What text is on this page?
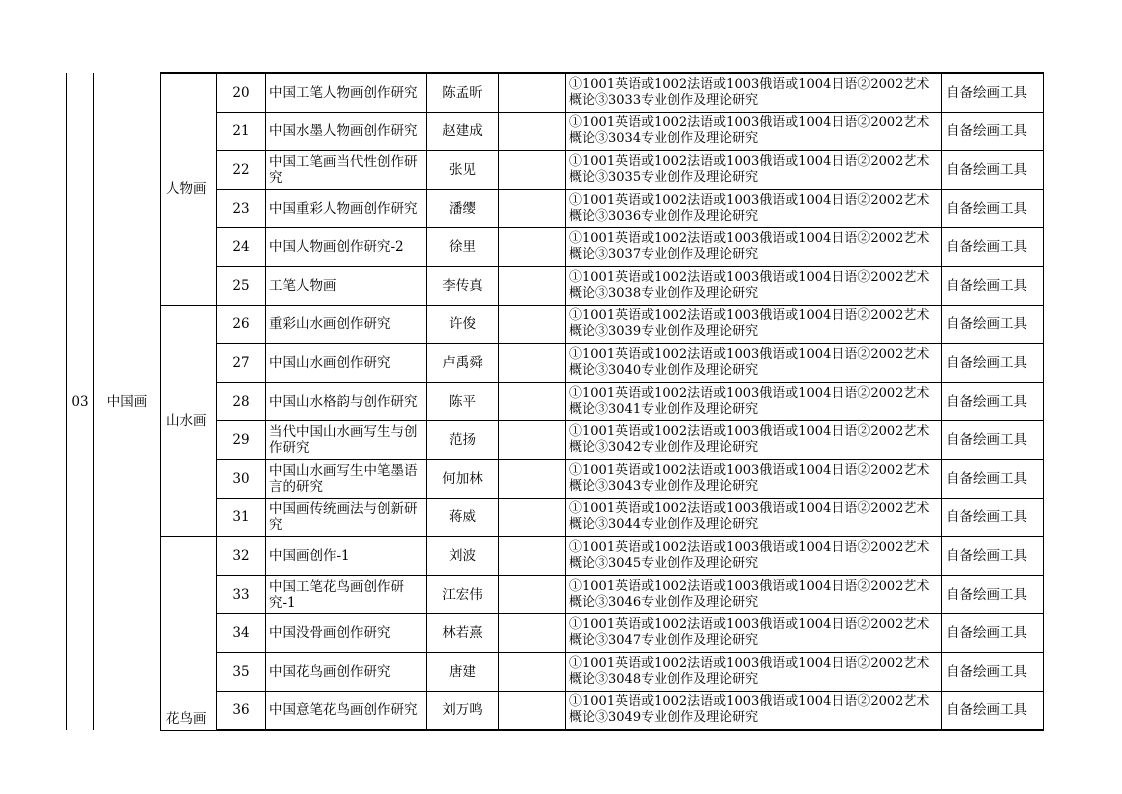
03	中国画	人物画	20	中国工笔人物画创作研究	陈孟昕		①1001英语或1002法语或1003俄语或1004日语②2002艺术概论③3033专业创作及理论研究	自备绘画工具
			21	中国水墨人物画创作研究	赵建成		①1001英语或1002法语或1003俄语或1004日语②2002艺术概论③3034专业创作及理论研究	自备绘画工具
			22	中国工笔画当代性创作研究	张见		①1001英语或1002法语或1003俄语或1004日语②2002艺术概论③3035专业创作及理论研究	自备绘画工具
			23	中国重彩人物画创作研究	潘缨		①1001英语或1002法语或1003俄语或1004日语②2002艺术概论③3036专业创作及理论研究	自备绘画工具
			24	中国人物画创作研究-2	徐里		①1001英语或1002法语或1003俄语或1004日语②2002艺术概论③3037专业创作及理论研究	自备绘画工具
			25	工笔人物画	李传真		①1001英语或1002法语或1003俄语或1004日语②2002艺术概论③3038专业创作及理论研究	自备绘画工具
		山水画	26	重彩山水画创作研究	许俊		①1001英语或1002法语或1003俄语或1004日语②2002艺术概论③3039专业创作及理论研究	自备绘画工具
			27	中国山水画创作研究	卢禹舜		①1001英语或1002法语或1003俄语或1004日语②2002艺术概论③3040专业创作及理论研究	自备绘画工具
			28	中国山水格韵与创作研究	陈平		①1001英语或1002法语或1003俄语或1004日语②2002艺术概论③3041专业创作及理论研究	自备绘画工具
			29	当代中国山水画写生与创作研究	范扬		①1001英语或1002法语或1003俄语或1004日语②2002艺术概论③3042专业创作及理论研究	自备绘画工具
			30	中国山水画写生中笔墨语言的研究	何加林		①1001英语或1002法语或1003俄语或1004日语②2002艺术概论③3043专业创作及理论研究	自备绘画工具
			31	中国画传统画法与创新研究	蒋威		①1001英语或1002法语或1003俄语或1004日语②2002艺术概论③3044专业创作及理论研究	自备绘画工具
		花鸟画	32	中国画创作-1	刘波		①1001英语或1002法语或1003俄语或1004日语②2002艺术概论③3045专业创作及理论研究	自备绘画工具
			33	中国工笔花鸟画创作研究-1	江宏伟		①1001英语或1002法语或1003俄语或1004日语②2002艺术概论③3046专业创作及理论研究	自备绘画工具
			34	中国没骨画创作研究	林若熹		①1001英语或1002法语或1003俄语或1004日语②2002艺术概论③3047专业创作及理论研究	自备绘画工具
			35	中国花鸟画创作研究	唐建		①1001英语或1002法语或1003俄语或1004日语②2002艺术概论③3048专业创作及理论研究	自备绘画工具
			36	中国意笔花鸟画创作研究	刘万鸣		①1001英语或1002法语或1003俄语或1004日语②2002艺术概论③3049专业创作及理论研究	自备绘画工具
